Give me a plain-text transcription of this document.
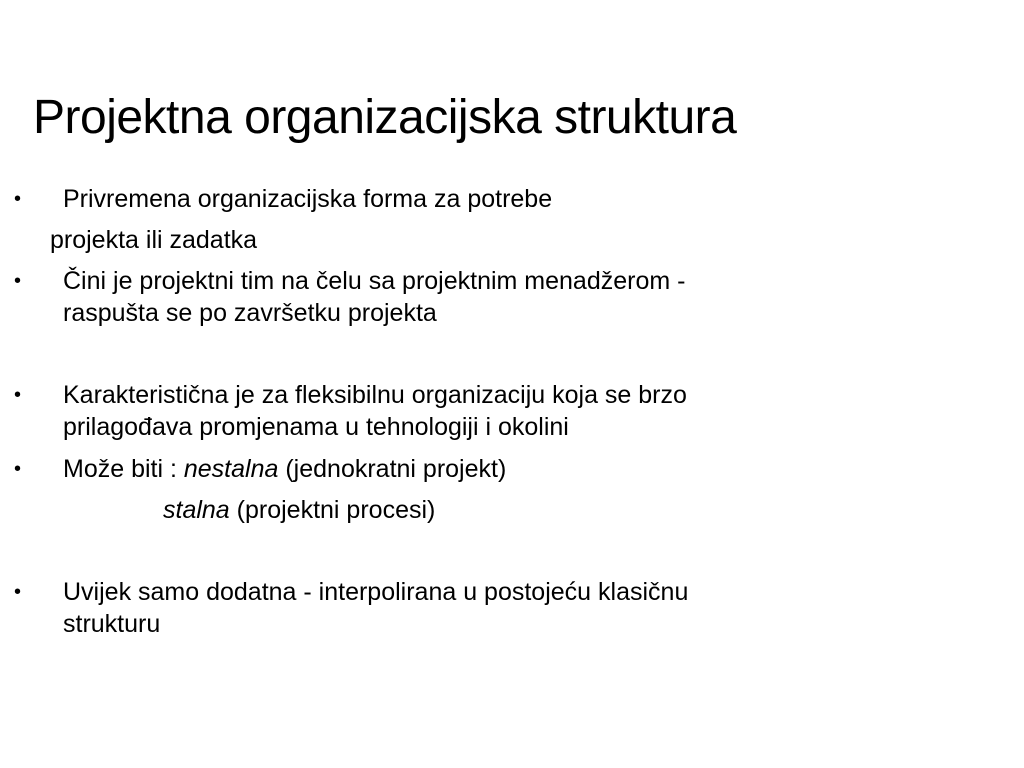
Projektna organizacijska struktura
• Privremena organizacijska forma za potrebe

projekta ili zadatka

• Čini je projektni tim na čelu sa projektnim menadžerom -

raspušta se po završetku projekta

• Karakteristična je za fleksibilnu organizaciju koja se brzo

prilagođava promjenama u tehnologiji i okolini

• Može biti : nestalna (jednokratni projekt)

stalna (projektni procesi)

• Uvijek samo dodatna - interpolirana u postojeću klasičnu

strukturu
